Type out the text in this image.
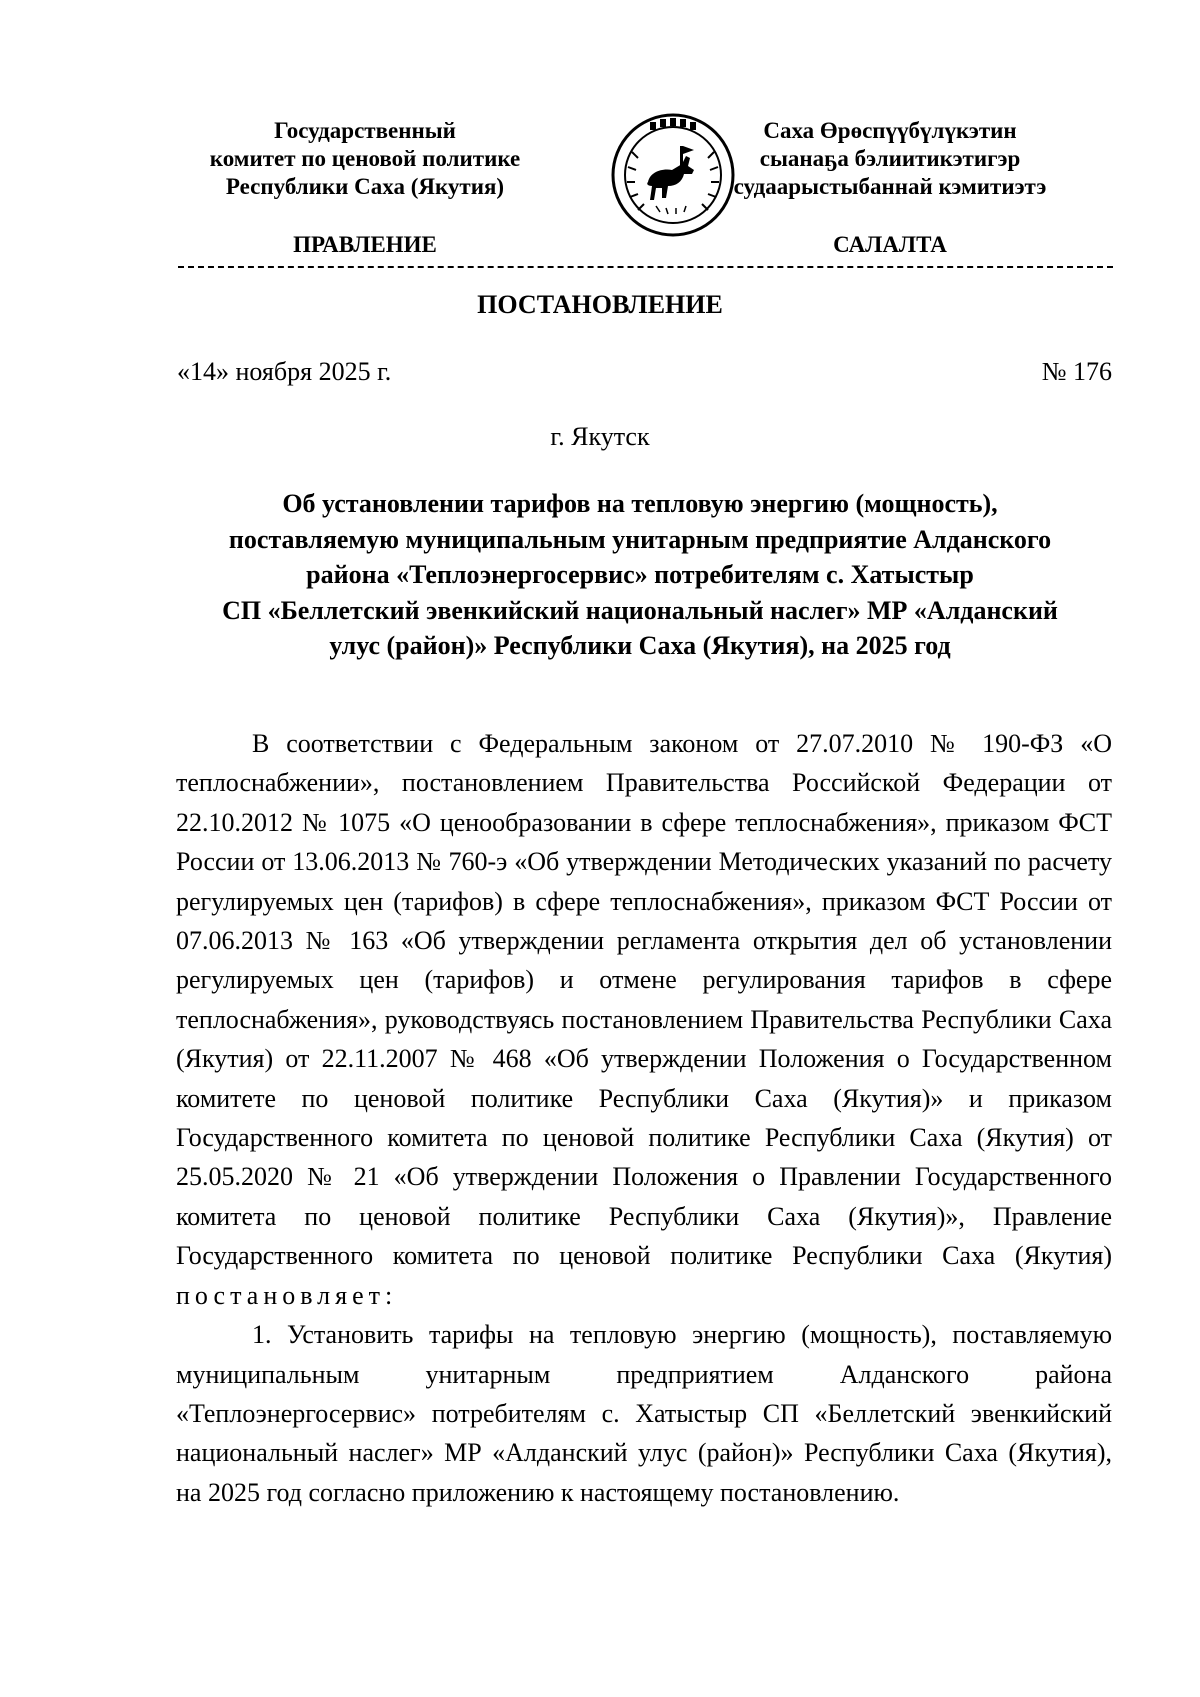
Государственный
комитет по ценовой политике
Республики Саха (Якутия)
Саха Өрөспүүбүлүкэтин
сыанаҕа бэлиитикэтигэр
судаарыстыбаннай кэмитиэтэ
ПРАВЛЕНИЕ	САЛАЛТА
ПОСТАНОВЛЕНИЕ
«14» ноября 2025 г.	№ 176
г. Якутск
Об установлении тарифов на тепловую энергию (мощность),
поставляемую муниципальным унитарным предприятие Алданского
района «Теплоэнергосервис» потребителям с. Хатыстыр
СП «Беллетский эвенкийский национальный наслег» МР «Алданский
улус (район)» Республики Саха (Якутия), на 2025 год

В соответствии с Федеральным законом от 27.07.2010 № 190-ФЗ «О теплоснабжении», постановлением Правительства Российской Федерации от 22.10.2012 № 1075 «О ценообразовании в сфере теплоснабжения», приказом ФСТ России от 13.06.2013 № 760-э «Об утверждении Методических указаний по расчету регулируемых цен (тарифов) в сфере теплоснабжения», приказом ФСТ России от 07.06.2013 № 163 «Об утверждении регламента открытия дел об установлении регулируемых цен (тарифов) и отмене регулирования тарифов в сфере теплоснабжения», руководствуясь постановлением Правительства Республики Саха (Якутия) от 22.11.2007 № 468 «Об утверждении Положения о Государственном комитете по ценовой политике Республики Саха (Якутия)» и приказом Государственного комитета по ценовой политике Республики Саха (Якутия) от 25.05.2020 № 21 «Об утверждении Положения о Правлении Государственного комитета по ценовой политике Республики Саха (Якутия)», Правление Государственного комитета по ценовой политике Республики Саха (Якутия) постановляет:

1. Установить тарифы на тепловую энергию (мощность), поставляемую муниципальным унитарным предприятием Алданского района «Теплоэнергосервис» потребителям с. Хатыстыр СП «Беллетский эвенкийский национальный наслег» МР «Алданский улус (район)» Республики Саха (Якутия), на 2025 год согласно приложению к настоящему постановлению.
